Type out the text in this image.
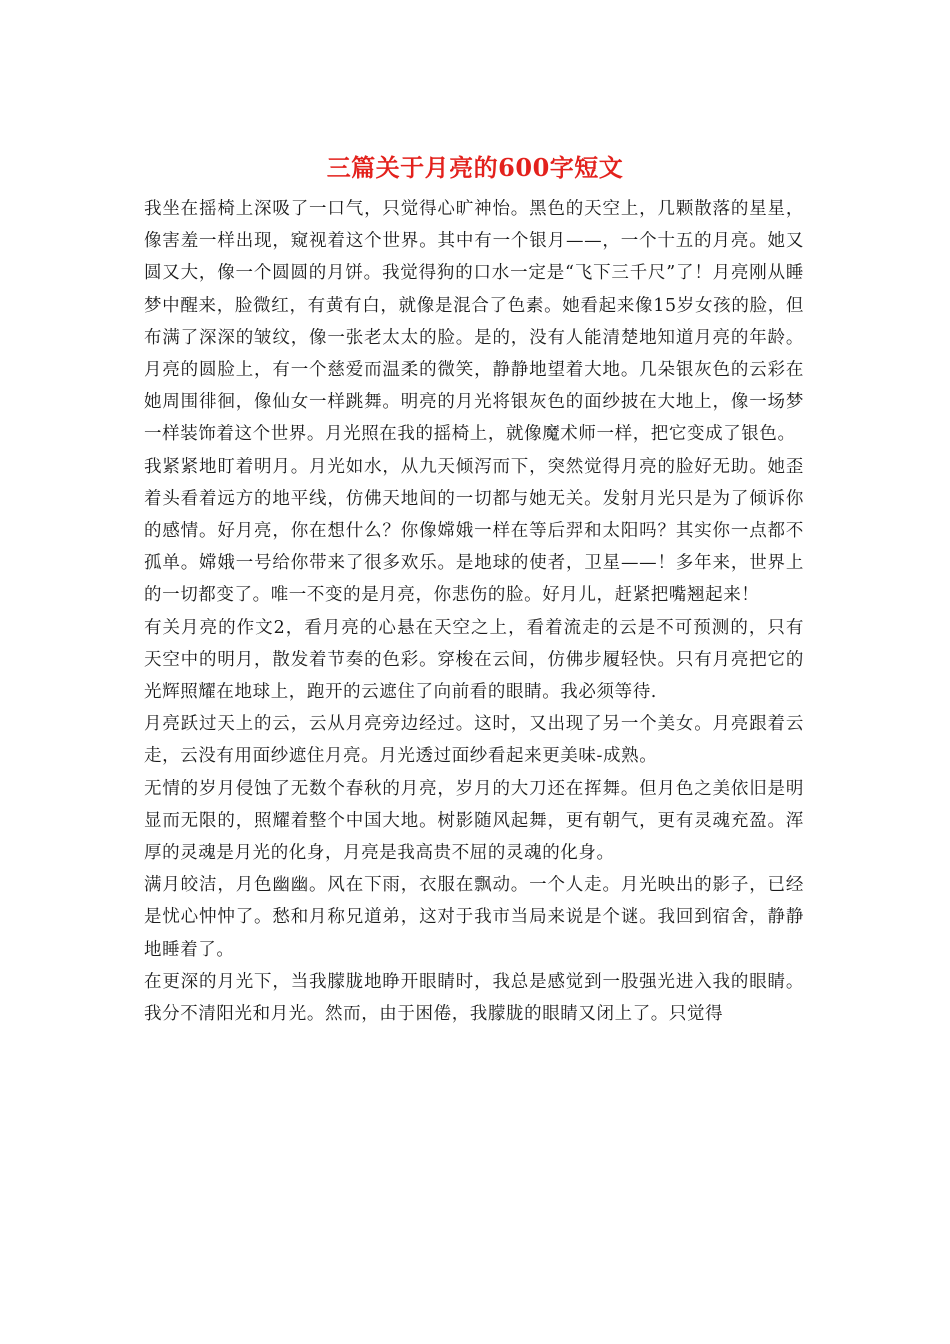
三篇关于月亮的600字短文

我坐在摇椅上深吸了一口气，只觉得心旷神怡。黑色的天空上，几颗散落的星星，像害羞一样出现，窥视着这个世界。其中有一个银月——，一个十五的月亮。她又圆又大，像一个圆圆的月饼。我觉得狗的口水一定是“飞下三千尺”了！月亮刚从睡梦中醒来，脸微红，有黄有白，就像是混合了色素。她看起来像15岁女孩的脸，但布满了深深的皱纹，像一张老太太的脸。是的，没有人能清楚地知道月亮的年龄。月亮的圆脸上，有一个慈爱而温柔的微笑，静静地望着大地。几朵银灰色的云彩在她周围徘徊，像仙女一样跳舞。明亮的月光将银灰色的面纱披在大地上，像一场梦一样装饰着这个世界。月光照在我的摇椅上，就像魔术师一样，把它变成了银色。

我紧紧地盯着明月。月光如水，从九天倾泻而下，突然觉得月亮的脸好无助。她歪着头看着远方的地平线，仿佛天地间的一切都与她无关。发射月光只是为了倾诉你的感情。好月亮，你在想什么？你像嫦娥一样在等后羿和太阳吗？其实你一点都不孤单。嫦娥一号给你带来了很多欢乐。是地球的使者，卫星——！多年来，世界上的一切都变了。唯一不变的是月亮，你悲伤的脸。好月儿，赶紧把嘴翘起来！

有关月亮的作文2，看月亮的心悬在天空之上，看着流走的云是不可预测的，只有天空中的明月，散发着节奏的色彩。穿梭在云间，仿佛步履轻快。只有月亮把它的光辉照耀在地球上，跑开的云遮住了向前看的眼睛。我必须等待.

月亮跃过天上的云，云从月亮旁边经过。这时，又出现了另一个美女。月亮跟着云走，云没有用面纱遮住月亮。月光透过面纱看起来更美味-成熟。

无情的岁月侵蚀了无数个春秋的月亮，岁月的大刀还在挥舞。但月色之美依旧是明显而无限的，照耀着整个中国大地。树影随风起舞，更有朝气，更有灵魂充盈。浑厚的灵魂是月光的化身，月亮是我高贵不屈的灵魂的化身。

满月皎洁，月色幽幽。风在下雨，衣服在飘动。一个人走。月光映出的影子，已经是忧心忡忡了。愁和月称兄道弟，这对于我市当局来说是个谜。我回到宿舍，静静地睡着了。

在更深的月光下，当我朦胧地睁开眼睛时，我总是感觉到一股强光进入我的眼睛。我分不清阳光和月光。然而，由于困倦，我朦胧的眼睛又闭上了。只觉得
